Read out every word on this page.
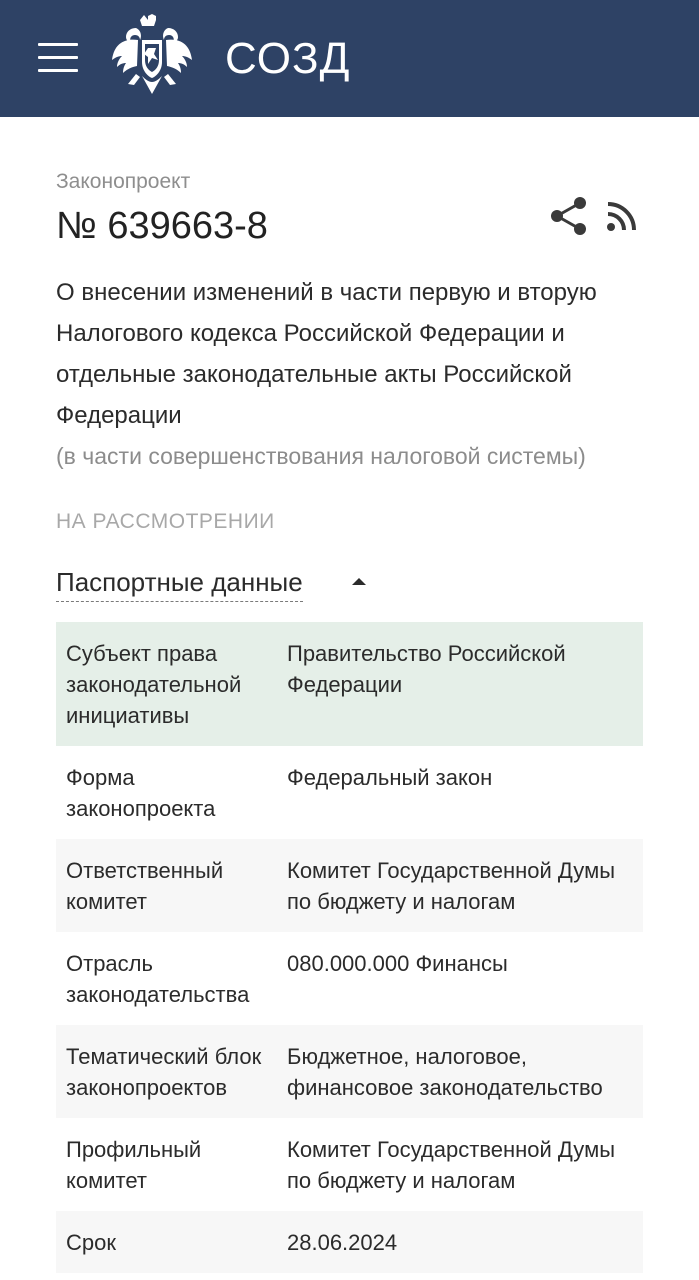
СОЗД
Законопроект
№ 639663-8
О внесении изменений в части первую и вторую Налогового кодекса Российской Федерации и отдельные законодательные акты Российской Федерации
(в части совершенствования налоговой системы)
НА РАССМОТРЕНИИ
Паспортные данные
Субъект права законодательной инициативы
Правительство Российской Федерации
Форма законопроекта
Федеральный закон
Ответственный комитет
Комитет Государственной Думы по бюджету и налогам
Отрасль законодательства
080.000.000 Финансы
Тематический блок законопроектов
Бюджетное, налоговое, финансовое законодательство
Профильный комитет
Комитет Государственной Думы по бюджету и налогам
Срок	28.06.2024
